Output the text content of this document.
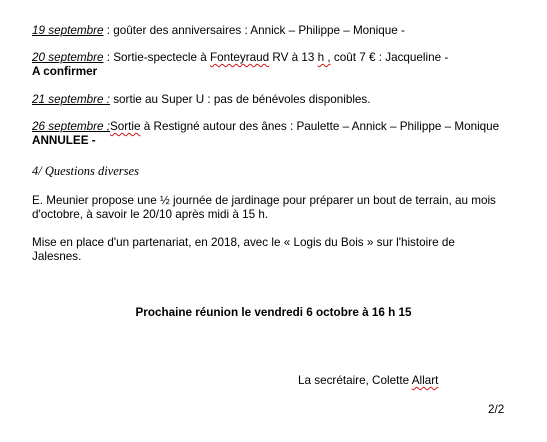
19 septembre : goûter des anniversaires : Annick – Philippe – Monique -
20 septembre : Sortie-spectecle à Fonteyraud RV à 13 h , coût 7 € : Jacqueline -
A confirmer
21 septembre : sortie au Super U : pas de bénévoles disponibles.
26 septembre ;Sortie à Restigné autour des ânes : Paulette – Annick – Philippe – Monique
ANNULEE -
4/ Questions diverses
E. Meunier propose une ½ journée de jardinage pour préparer un bout de terrain, au mois
d'octobre, à savoir le 20/10 après midi à 15 h.
Mise en place d'un partenariat, en 2018, avec le « Logis du Bois » sur l'histoire de
Jalesnes.
Prochaine réunion le vendredi 6 octobre à 16 h 15
La secrétaire, Colette Allart
2/2
